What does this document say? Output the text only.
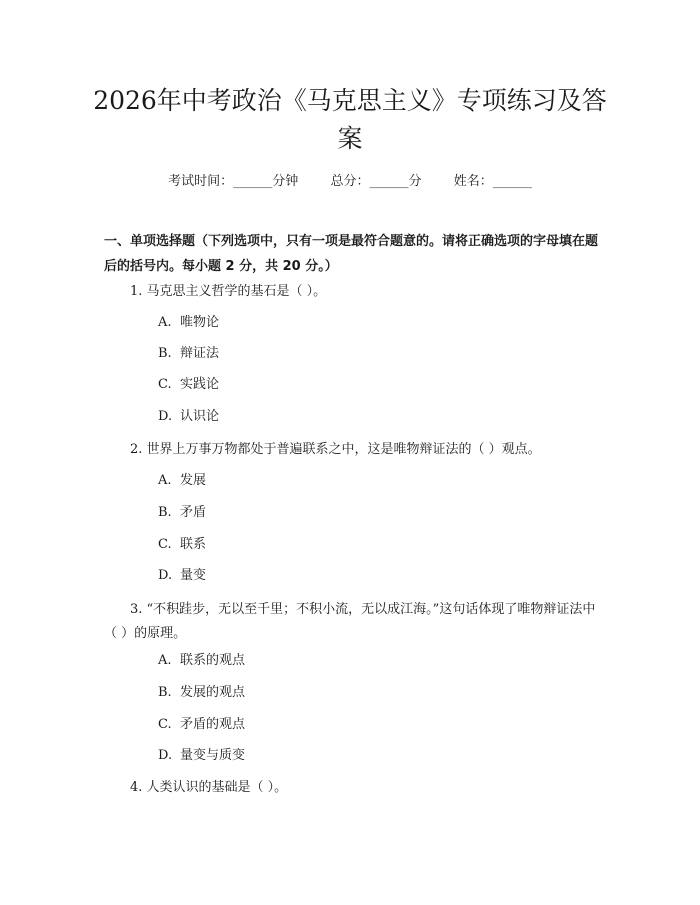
2026年中考政治《马克思主义》专项练习及答案
考试时间：______分钟 总分：______分 姓名：______

一、单项选择题（下列选项中，只有一项是最符合题意的。请将正确选项的字母填在题后的括号内。每小题 2 分，共 20 分。）

1. 马克思主义哲学的基石是（ ）。

A. 唯物论
B. 辩证法
C. 实践论
D. 认识论

2. 世界上万事万物都处于普遍联系之中，这是唯物辩证法的（ ）观点。

A. 发展
B. 矛盾
C. 联系
D. 量变

3. “不积跬步，无以至千里；不积小流，无以成江海。”这句话体现了唯物辩证法中（ ）的原理。

A. 联系的观点
B. 发展的观点
C. 矛盾的观点
D. 量变与质变

4. 人类认识的基础是（ ）。
